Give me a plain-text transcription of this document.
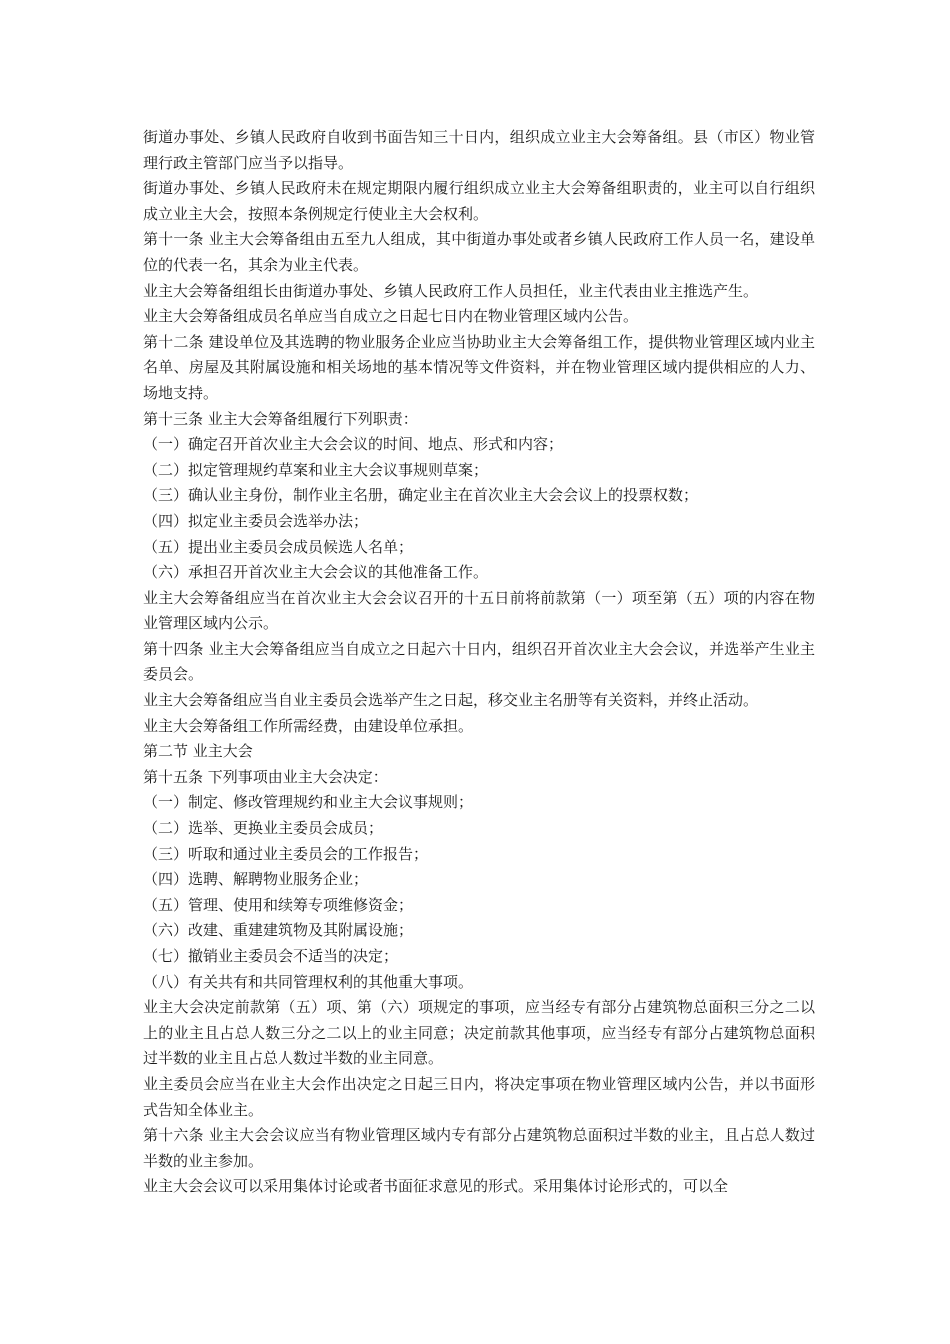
街道办事处、乡镇人民政府自收到书面告知三十日内，组织成立业主大会筹备组。县（市区）物业管理行政主管部门应当予以指导。

街道办事处、乡镇人民政府未在规定期限内履行组织成立业主大会筹备组职责的，业主可以自行组织成立业主大会，按照本条例规定行使业主大会权利。

第十一条 业主大会筹备组由五至九人组成，其中街道办事处或者乡镇人民政府工作人员一名，建设单位的代表一名，其余为业主代表。

业主大会筹备组组长由街道办事处、乡镇人民政府工作人员担任，业主代表由业主推选产生。

业主大会筹备组成员名单应当自成立之日起七日内在物业管理区域内公告。

第十二条 建设单位及其选聘的物业服务企业应当协助业主大会筹备组工作，提供物业管理区域内业主名单、房屋及其附属设施和相关场地的基本情况等文件资料，并在物业管理区域内提供相应的人力、场地支持。

第十三条 业主大会筹备组履行下列职责：

（一）确定召开首次业主大会会议的时间、地点、形式和内容；

（二）拟定管理规约草案和业主大会议事规则草案；

（三）确认业主身份，制作业主名册，确定业主在首次业主大会会议上的投票权数；

（四）拟定业主委员会选举办法；

（五）提出业主委员会成员候选人名单；

（六）承担召开首次业主大会会议的其他准备工作。

业主大会筹备组应当在首次业主大会会议召开的十五日前将前款第（一）项至第（五）项的内容在物业管理区域内公示。

第十四条 业主大会筹备组应当自成立之日起六十日内，组织召开首次业主大会会议，并选举产生业主委员会。

业主大会筹备组应当自业主委员会选举产生之日起，移交业主名册等有关资料，并终止活动。

业主大会筹备组工作所需经费，由建设单位承担。

第二节 业主大会

第十五条 下列事项由业主大会决定：

（一）制定、修改管理规约和业主大会议事规则；

（二）选举、更换业主委员会成员；

（三）听取和通过业主委员会的工作报告；

（四）选聘、解聘物业服务企业；

（五）管理、使用和续筹专项维修资金；

（六）改建、重建建筑物及其附属设施；

（七）撤销业主委员会不适当的决定；

（八）有关共有和共同管理权利的其他重大事项。

业主大会决定前款第（五）项、第（六）项规定的事项，应当经专有部分占建筑物总面积三分之二以上的业主且占总人数三分之二以上的业主同意；决定前款其他事项，应当经专有部分占建筑物总面积过半数的业主且占总人数过半数的业主同意。

业主委员会应当在业主大会作出决定之日起三日内，将决定事项在物业管理区域内公告，并以书面形式告知全体业主。

第十六条 业主大会会议应当有物业管理区域内专有部分占建筑物总面积过半数的业主，且占总人数过半数的业主参加。

业主大会会议可以采用集体讨论或者书面征求意见的形式。采用集体讨论形式的，可以全
